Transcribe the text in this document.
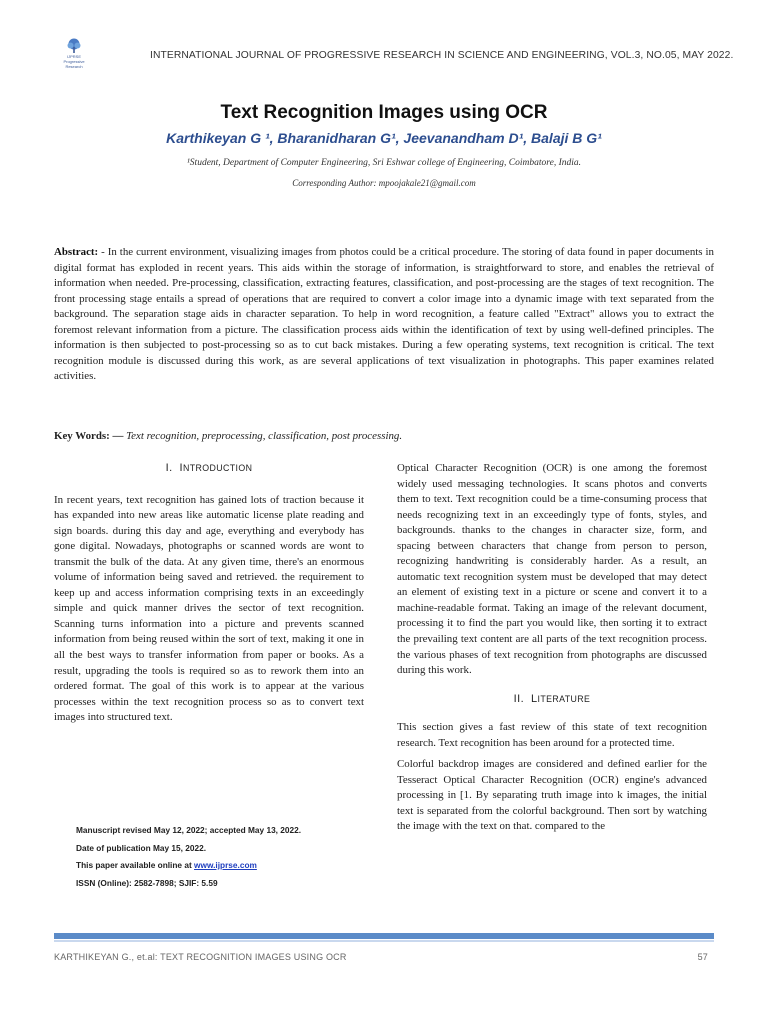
IJPRSE
Progressive Research
INTERNATIONAL JOURNAL OF PROGRESSIVE RESEARCH IN SCIENCE AND ENGINEERING, VOL.3, NO.05, MAY 2022.
Text Recognition Images using OCR
Karthikeyan G ¹, Bharanidharan G¹, Jeevanandham D¹, Balaji B G¹
¹Student, Department of Computer Engineering, Sri Eshwar college of Engineering, Coimbatore, India.
Corresponding Author: mpoojakale21@gmail.com
Abstract: - In the current environment, visualizing images from photos could be a critical procedure. The storing of data found in paper documents in digital format has exploded in recent years. This aids within the storage of information, is straightforward to store, and enables the retrieval of information when needed. Pre-processing, classification, extracting features, classification, and post-processing are the stages of text recognition. The front processing stage entails a spread of operations that are required to convert a color image into a dynamic image with text separated from the background. The separation stage aids in character separation. To help in word recognition, a feature called "Extract" allows you to extract the foremost relevant information from a picture. The classification process aids within the identification of text by using well-defined principles. The information is then subjected to post-processing so as to cut back mistakes. During a few operating systems, text recognition is critical. The text recognition module is discussed during this work, as are several applications of text visualization in photographs. This paper examines related activities.
Key Words: — Text recognition, preprocessing, classification, post processing.
I. INTRODUCTION

In recent years, text recognition has gained lots of traction because it has expanded into new areas like automatic license plate reading and sign boards. during this day and age, everything and everybody has gone digital. Nowadays, photographs or scanned words are wont to transmit the bulk of the data. At any given time, there's an enormous volume of information being saved and retrieved. the requirement to keep up and access information comprising texts in an exceedingly simple and quick manner drives the sector of text recognition. Scanning turns information into a picture and prevents scanned information from being reused within the sort of text, making it one in all the best ways to transfer information from paper or books. As a result, upgrading the tools is required so as to rework them into an ordered format. The goal of this work is to appear at the various processes within the text recognition process so as to convert text images into structured text.

Manuscript revised May 12, 2022; accepted May 13, 2022.
Date of publication May 15, 2022.
This paper available online at www.ijprse.com
ISSN (Online): 2582-7898; SJIF: 5.59

Optical Character Recognition (OCR) is one among the foremost widely used messaging technologies. It scans photos and converts them to text. Text recognition could be a time-consuming process that needs recognizing text in an exceedingly type of fonts, styles, and backgrounds. thanks to the changes in character size, form, and spacing between characters that change from person to person, recognizing handwriting is considerably harder. As a result, an automatic text recognition system must be developed that may detect an element of existing text in a picture or scene and convert it to a machine-readable format. Taking an image of the relevant document, processing it to find the part you would like, then sorting it to extract the prevailing text content are all parts of the text recognition process. the various phases of text recognition from photographs are discussed during this work.

II. LITERATURE

This section gives a fast review of this state of text recognition research. Text recognition has been around for a protected time.

Colorful backdrop images are considered and defined earlier for the Tesseract Optical Character Recognition (OCR) engine's advanced processing in [1. By separating truth image into k images, the initial text is separated from the colorful background. Then sort by watching the image with the text on that. compared to the

KARTHIKEYAN G., et.al: TEXT RECOGNITION IMAGES USING OCR	57
